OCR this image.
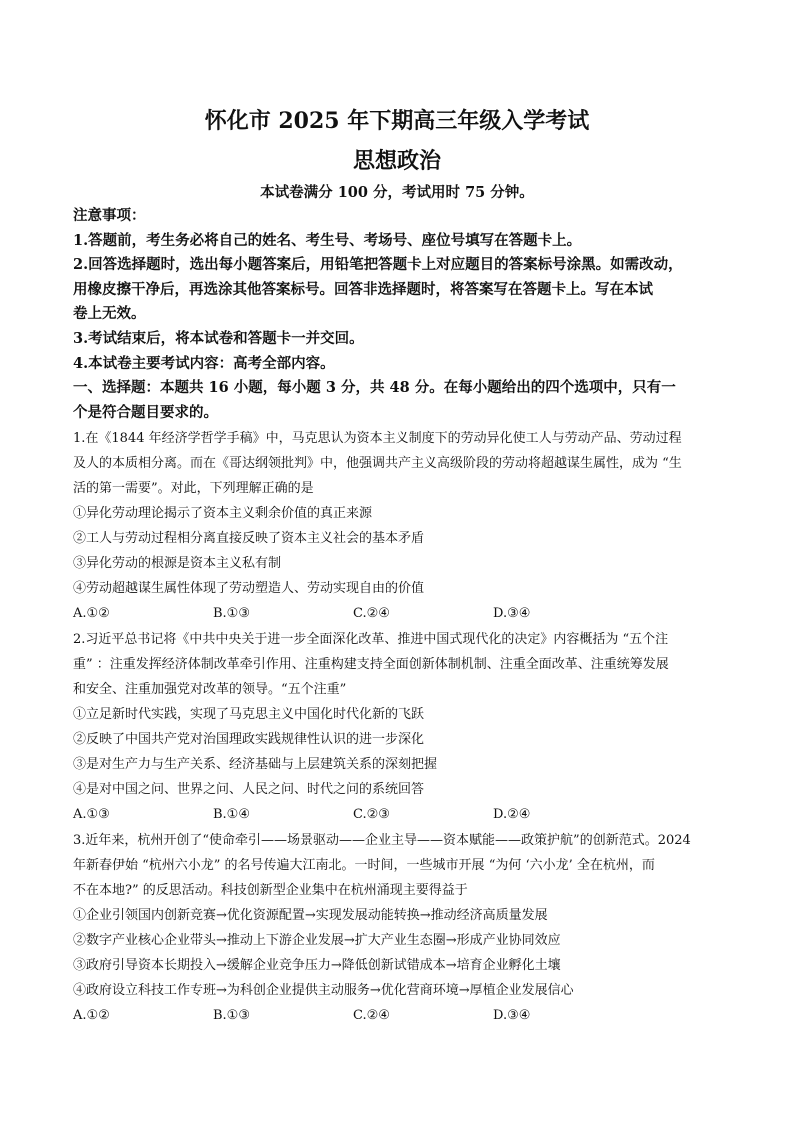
怀化市 2025 年下期高三年级入学考试
思想政治
本试卷满分 100 分，考试用时 75 分钟。
注意事项：
1.答题前，考生务必将自己的姓名、考生号、考场号、座位号填写在答题卡上。
2.回答选择题时，选出每小题答案后，用铅笔把答题卡上对应题目的答案标号涂黑。如需改动，
用橡皮擦干净后，再选涂其他答案标号。回答非选择题时，将答案写在答题卡上。写在本试
卷上无效。
3.考试结束后，将本试卷和答题卡一并交回。
4.本试卷主要考试内容：高考全部内容。
一、选择题：本题共 16 小题，每小题 3 分，共 48 分。在每小题给出的四个选项中，只有一
个是符合题目要求的。
1.在《1844 年经济学哲学手稿》中，马克思认为资本主义制度下的劳动异化使工人与劳动产品、劳动过程
及人的本质相分离。而在《哥达纲领批判》中，他强调共产主义高级阶段的劳动将超越谋生属性，成为 “生
活的第一需要”。对此，下列理解正确的是
①异化劳动理论揭示了资本主义剩余价值的真正来源
②工人与劳动过程相分离直接反映了资本主义社会的基本矛盾
③异化劳动的根源是资本主义私有制
④劳动超越谋生属性体现了劳动塑造人、劳动实现自由的价值
A.①②	B.①③	C.②④	D.③④
2.习近平总书记将《中共中央关于进一步全面深化改革、推进中国式现代化的决定》内容概括为 “五个注
重” ：注重发挥经济体制改革牵引作用、注重构建支持全面创新体制机制、注重全面改革、注重统筹发展
和安全、注重加强党对改革的领导。“五个注重”
①立足新时代实践，实现了马克思主义中国化时代化新的飞跃
②反映了中国共产党对治国理政实践规律性认识的进一步深化
③是对生产力与生产关系、经济基础与上层建筑关系的深刻把握
④是对中国之问、世界之问、人民之问、时代之问的系统回答
A.①③	B.①④	C.②③	D.②④
3.近年来，杭州开创了“使命牵引——场景驱动——企业主导——资本赋能——政策护航”的创新范式。2024
年新春伊始 “杭州六小龙” 的名号传遍大江南北。一时间，一些城市开展 “为何 ‘六小龙’ 全在杭州，而
不在本地?” 的反思活动。科技创新型企业集中在杭州涌现主要得益于
①企业引领国内创新竞赛→优化资源配置→实现发展动能转换→推动经济高质量发展
②数字产业核心企业带头→推动上下游企业发展→扩大产业生态圈→形成产业协同效应
③政府引导资本长期投入→缓解企业竞争压力→降低创新试错成本→培育企业孵化土壤
④政府设立科技工作专班→为科创企业提供主动服务→优化营商环境→厚植企业发展信心
A.①②	B.①③	C.②④	D.③④
